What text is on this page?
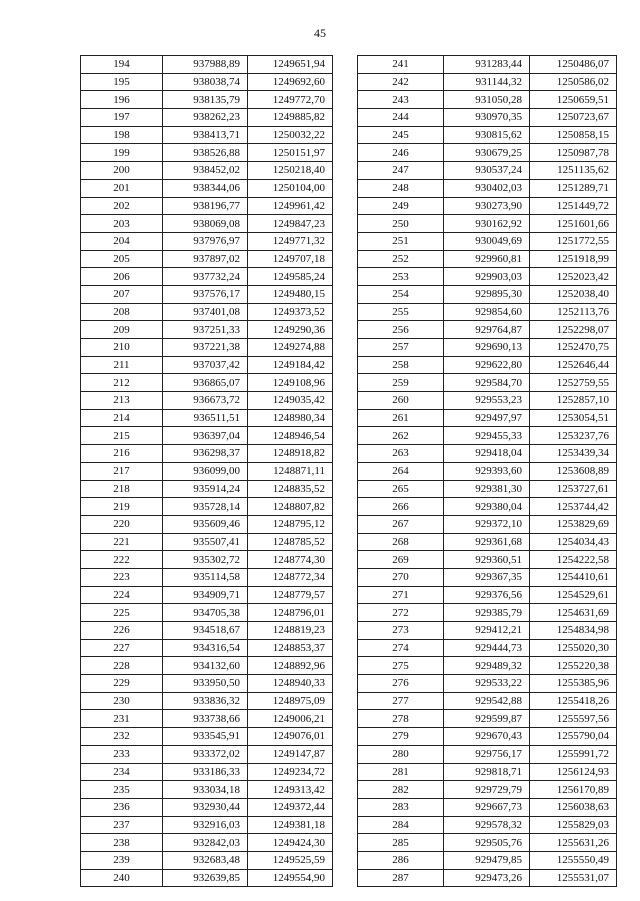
45
194	937988,89	1249651,94
195	938038,74	1249692,60
196	938135,79	1249772,70
197	938262,23	1249885,82
198	938413,71	1250032,22
199	938526,88	1250151,97
200	938452,02	1250218,40
201	938344,06	1250104,00
202	938196,77	1249961,42
203	938069,08	1249847,23
204	937976,97	1249771,32
205	937897,02	1249707,18
206	937732,24	1249585,24
207	937576,17	1249480,15
208	937401,08	1249373,52
209	937251,33	1249290,36
210	937221,38	1249274,88
211	937037,42	1249184,42
212	936865,07	1249108,96
213	936673,72	1249035,42
214	936511,51	1248980,34
215	936397,04	1248946,54
216	936298,37	1248918,82
217	936099,00	1248871,11
218	935914,24	1248835,52
219	935728,14	1248807,82
220	935609,46	1248795,12
221	935507,41	1248785,52
222	935302,72	1248774,30
223	935114,58	1248772,34
224	934909,71	1248779,57
225	934705,38	1248796,01
226	934518,67	1248819,23
227	934316,54	1248853,37
228	934132,60	1248892,96
229	933950,50	1248940,33
230	933836,32	1248975,09
231	933738,66	1249006,21
232	933545,91	1249076,01
233	933372,02	1249147,87
234	933186,33	1249234,72
235	933034,18	1249313,42
236	932930,44	1249372,44
237	932916,03	1249381,18
238	932842,03	1249424,30
239	932683,48	1249525,59
240	932639,85	1249554,90
241	931283,44	1250486,07
242	931144,32	1250586,02
243	931050,28	1250659,51
244	930970,35	1250723,67
245	930815,62	1250858,15
246	930679,25	1250987,78
247	930537,24	1251135,62
248	930402,03	1251289,71
249	930273,90	1251449,72
250	930162,92	1251601,66
251	930049,69	1251772,55
252	929960,81	1251918,99
253	929903,03	1252023,42
254	929895,30	1252038,40
255	929854,60	1252113,76
256	929764,87	1252298,07
257	929690,13	1252470,75
258	929622,80	1252646,44
259	929584,70	1252759,55
260	929553,23	1252857,10
261	929497,97	1253054,51
262	929455,33	1253237,76
263	929418,04	1253439,34
264	929393,60	1253608,89
265	929381,30	1253727,61
266	929380,04	1253744,42
267	929372,10	1253829,69
268	929361,68	1254034,43
269	929360,51	1254222,58
270	929367,35	1254410,61
271	929376,56	1254529,61
272	929385,79	1254631,69
273	929412,21	1254834,98
274	929444,73	1255020,30
275	929489,32	1255220,38
276	929533,22	1255385,96
277	929542,88	1255418,26
278	929599,87	1255597,56
279	929670,43	1255790,04
280	929756,17	1255991,72
281	929818,71	1256124,93
282	929729,79	1256170,89
283	929667,73	1256038,63
284	929578,32	1255829,03
285	929505,76	1255631,26
286	929479,85	1255550,49
287	929473,26	1255531,07
